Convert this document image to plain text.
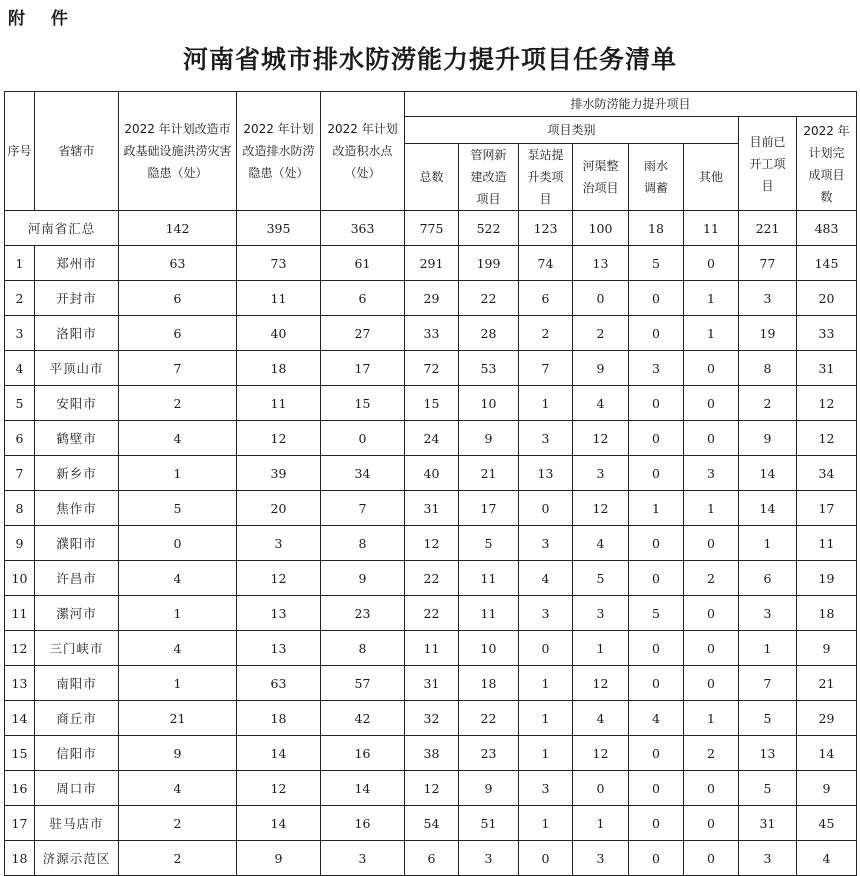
附 件
河南省城市排水防涝能力提升项目任务清单
序号	省辖市	2022 年计划改造市政基础设施洪涝灾害隐患（处）	2022 年计划改造排水防涝隐患（处）	2022 年计划改造积水点（处）	排水防涝能力提升项目							
					项目类别						目前已开工项目	2022 年计划完成项目数
					总数	管网新建改造项目	泵站提升类项目	河渠整治项目	雨水调蓄	其他		
河南省汇总		142	395	363	775	522	123	100	18	11	221	483
1	郑州市	63	73	61	291	199	74	13	5	0	77	145
2	开封市	6	11	6	29	22	6	0	0	1	3	20
3	洛阳市	6	40	27	33	28	2	2	0	1	19	33
4	平顶山市	7	18	17	72	53	7	9	3	0	8	31
5	安阳市	2	11	15	15	10	1	4	0	0	2	12
6	鹤壁市	4	12	0	24	9	3	12	0	0	9	12
7	新乡市	1	39	34	40	21	13	3	0	3	14	34
8	焦作市	5	20	7	31	17	0	12	1	1	14	17
9	濮阳市	0	3	8	12	5	3	4	0	0	1	11
10	许昌市	4	12	9	22	11	4	5	0	2	6	19
11	漯河市	1	13	23	22	11	3	3	5	0	3	18
12	三门峡市	4	13	8	11	10	0	1	0	0	1	9
13	南阳市	1	63	57	31	18	1	12	0	0	7	21
14	商丘市	21	18	42	32	22	1	4	4	1	5	29
15	信阳市	9	14	16	38	23	1	12	0	2	13	14
16	周口市	4	12	14	12	9	3	0	0	0	5	9
17	驻马店市	2	14	16	54	51	1	1	0	0	31	45
18	济源示范区	2	9	3	6	3	0	3	0	0	3	4
